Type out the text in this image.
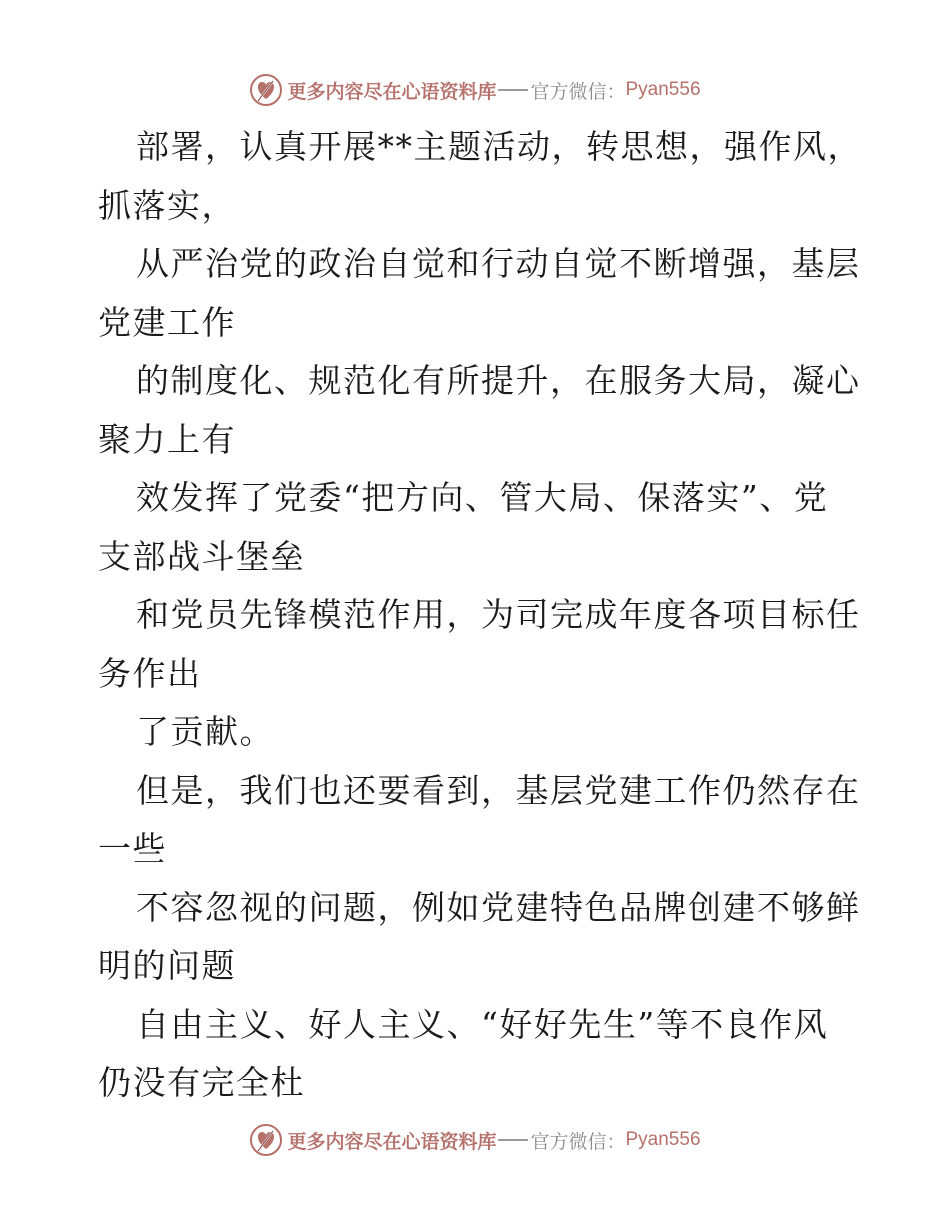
更多内容尽在心语资料库 官方微信： Pyan556
部署，认真开展**主题活动，转思想，强作风，
抓落实，
从严治党的政治自觉和行动自觉不断增强，基层
党建工作
的制度化、规范化有所提升，在服务大局，凝心
聚力上有
效发挥了党委“把方向、管大局、保落实”、党
支部战斗堡垒
和党员先锋模范作用，为司完成年度各项目标任
务作出
了贡献。
但是，我们也还要看到，基层党建工作仍然存在
一些
不容忽视的问题，例如党建特色品牌创建不够鲜
明的问题
自由主义、好人主义、“好好先生”等不良作风
仍没有完全杜
更多内容尽在心语资料库 官方微信： Pyan556
